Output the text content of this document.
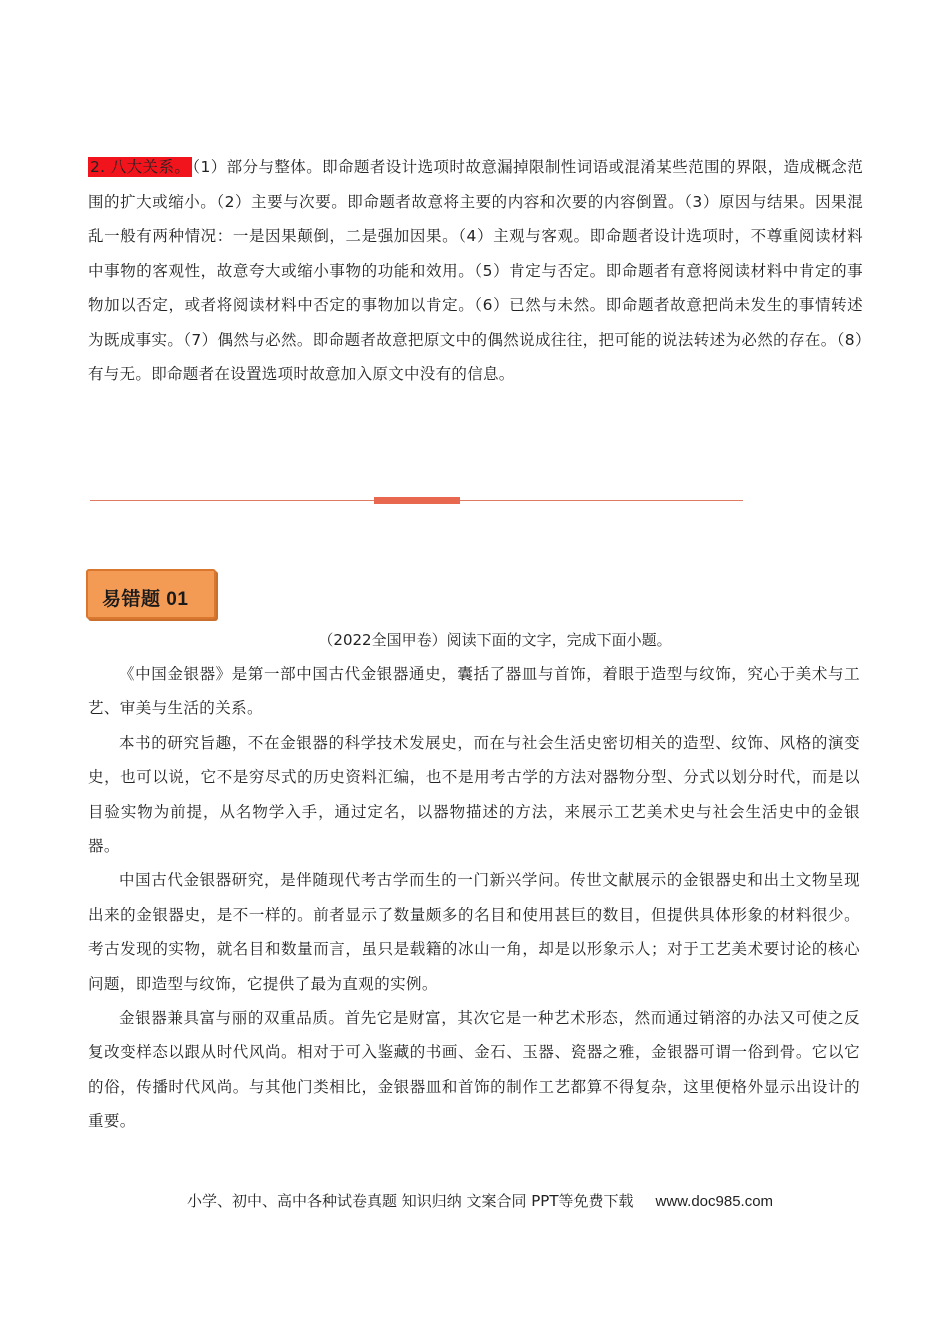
2. 八大关系。 （1）部分与整体。即命题者设计选项时故意漏掉限制性词语或混淆某些范围的界限，造成概念范围的扩大或缩小。（2）主要与次要。即命题者故意将主要的内容和次要的内容倒置。（3）原因与结果。因果混乱一般有两种情况：一是因果颠倒，二是强加因果。（4）主观与客观。即命题者设计选项时，不尊重阅读材料中事物的客观性，故意夸大或缩小事物的功能和效用。（5）肯定与否定。即命题者有意将阅读材料中肯定的事物加以否定，或者将阅读材料中否定的事物加以肯定。（6）已然与未然。即命题者故意把尚未发生的事情转述为既成事实。（7）偶然与必然。即命题者故意把原文中的偶然说成往往，把可能的说法转述为必然的存在。（8）有与无。即命题者在设置选项时故意加入原文中没有的信息。
易错题 01
（2022全国甲卷）阅读下面的文字，完成下面小题。

《中国金银器》是第一部中国古代金银器通史，囊括了器皿与首饰，着眼于造型与纹饰，究心于美术与工艺、审美与生活的关系。

本书的研究旨趣，不在金银器的科学技术发展史，而在与社会生活史密切相关的造型、纹饰、风格的演变史，也可以说，它不是穷尽式的历史资料汇编，也不是用考古学的方法对器物分型、分式以划分时代，而是以目验实物为前提，从名物学入手，通过定名，以器物描述的方法，来展示工艺美术史与社会生活史中的金银器。

中国古代金银器研究，是伴随现代考古学而生的一门新兴学问。传世文献展示的金银器史和出土文物呈现出来的金银器史，是不一样的。前者显示了数量颇多的名目和使用甚巨的数目，但提供具体形象的材料很少。考古发现的实物，就名目和数量而言，虽只是载籍的冰山一角，却是以形象示人；对于工艺美术要讨论的核心问题，即造型与纹饰，它提供了最为直观的实例。

金银器兼具富与丽的双重品质。首先它是财富，其次它是一种艺术形态，然而通过销溶的办法又可使之反复改变样态以跟从时代风尚。相对于可入鉴藏的书画、金石、玉器、瓷器之雅，金银器可谓一俗到骨。它以它的俗，传播时代风尚。与其他门类相比，金银器皿和首饰的制作工艺都算不得复杂，这里便格外显示出设计的重要。

小学、初中、高中各种试卷真题 知识归纳 文案合同 PPT等免费下载 www.doc985.com
